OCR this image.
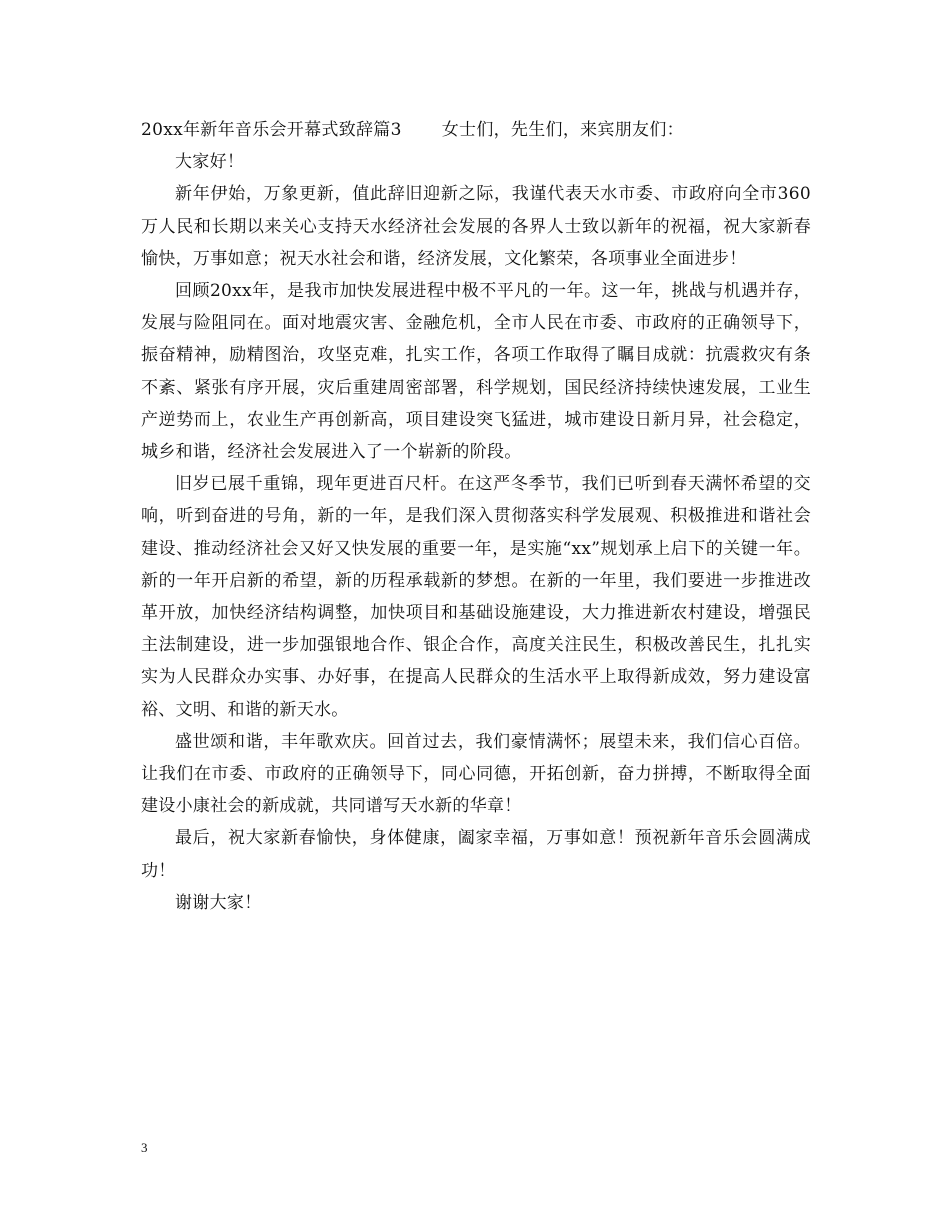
20xx年新年音乐会开幕式致辞篇3 女士们，先生们，来宾朋友们：

大家好！

新年伊始，万象更新，值此辞旧迎新之际，我谨代表天水市委、市政府向全市360万人民和长期以来关心支持天水经济社会发展的各界人士致以新年的祝福，祝大家新春愉快，万事如意；祝天水社会和谐，经济发展，文化繁荣，各项事业全面进步！

回顾20xx年，是我市加快发展进程中极不平凡的一年。这一年，挑战与机遇并存，发展与险阻同在。面对地震灾害、金融危机，全市人民在市委、市政府的正确领导下，振奋精神，励精图治，攻坚克难，扎实工作，各项工作取得了瞩目成就：抗震救灾有条不紊、紧张有序开展，灾后重建周密部署，科学规划，国民经济持续快速发展，工业生产逆势而上，农业生产再创新高，项目建设突飞猛进，城市建设日新月异，社会稳定，城乡和谐，经济社会发展进入了一个崭新的阶段。

旧岁已展千重锦，现年更进百尺杆。在这严冬季节，我们已听到春天满怀希望的交响，听到奋进的号角，新的一年，是我们深入贯彻落实科学发展观、积极推进和谐社会建设、推动经济社会又好又快发展的重要一年，是实施“xx”规划承上启下的关键一年。新的一年开启新的希望，新的历程承载新的梦想。在新的一年里，我们要进一步推进改革开放，加快经济结构调整，加快项目和基础设施建设，大力推进新农村建设，增强民主法制建设，进一步加强银地合作、银企合作，高度关注民生，积极改善民生，扎扎实实为人民群众办实事、办好事，在提高人民群众的生活水平上取得新成效，努力建设富裕、文明、和谐的新天水。

盛世颂和谐，丰年歌欢庆。回首过去，我们豪情满怀；展望未来，我们信心百倍。让我们在市委、市政府的正确领导下，同心同德，开拓创新，奋力拼搏，不断取得全面建设小康社会的新成就，共同谱写天水新的华章！

最后，祝大家新春愉快，身体健康，阖家幸福，万事如意！预祝新年音乐会圆满成功！

谢谢大家！

3
